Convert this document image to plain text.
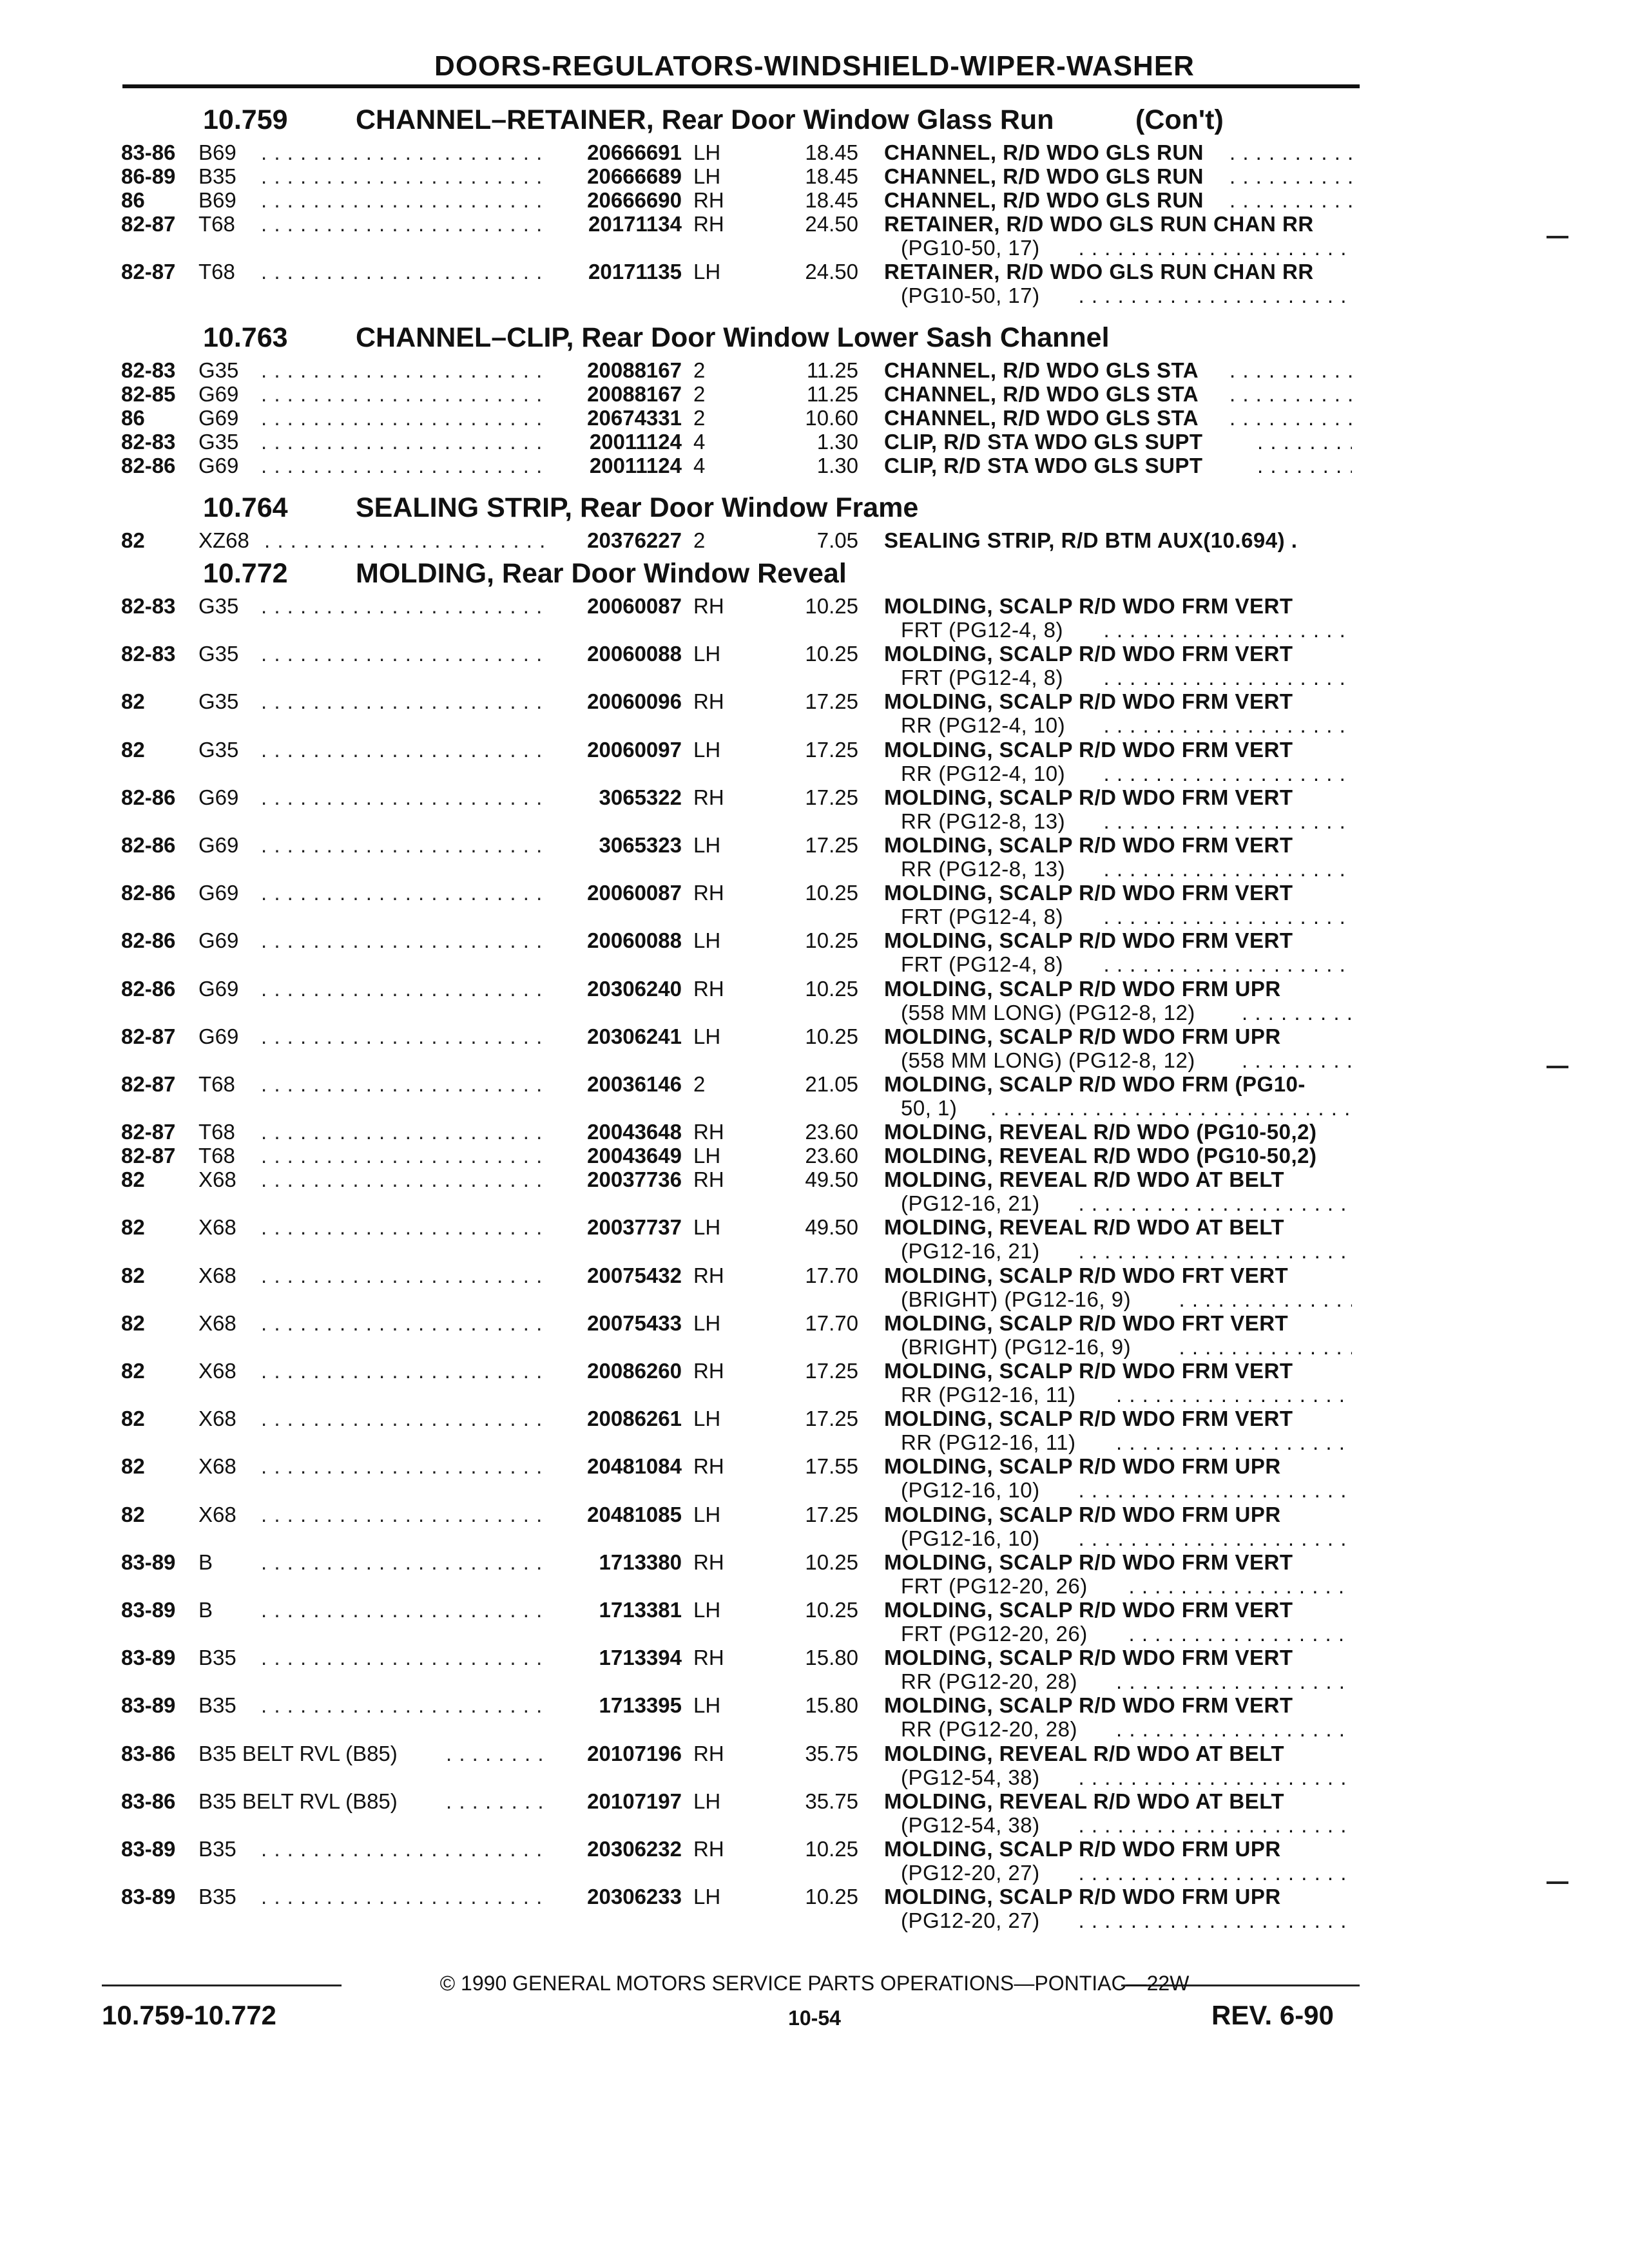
DOORS-REGULATORS-WINDSHIELD-WIPER-WASHER
10.759 CHANNEL–RETAINER, Rear Door Window Glass Run	(Con't)
83-86 B69 . . .	20666691 LH	18.45 CHANNEL, R/D WDO GLS RUN
. . .
86-89 B35 . . .	20666689 LH	18.45 CHANNEL, R/D WDO GLS RUN
. . .
86	B69 . . .	20666690 RH	18.45 CHANNEL, R/D WDO GLS RUN
. . .
82-87 T68 . . .	20171134 RH	24.50 RETAINER, R/D WDO GLS RUN CHAN RR
(PG10-50, 17)
. . .
82-87 T68 . . .	20171135 LH	24.50 RETAINER, R/D WDO GLS RUN CHAN RR
(PG10-50, 17)
. . .
10.763 CHANNEL–CLIP, Rear Door Window Lower Sash Channel
82-83 G35 . . .	20088167 2	11.25 CHANNEL, R/D WDO GLS STA
. . .
82-85 G69 . . .	20088167 2	11.25 CHANNEL, R/D WDO GLS STA
. . .
86	G69 . . .	20674331 2	10.60 CHANNEL, R/D WDO GLS STA
. . .
82-83 G35 . . .	20011124 4	1.30 CLIP, R/D STA WDO GLS SUPT
. . .
82-86 G69 . . .	20011124 4	1.30 CLIP, R/D STA WDO GLS SUPT
. . .
10.764 SEALING STRIP, Rear Door Window Frame
82	XZ68 . . .	20376227 2	7.05 SEALING STRIP, R/D BTM AUX(10.694) .
10.772 MOLDING, Rear Door Window Reveal
82-83 G35 . . .	20060087 RH	10.25 MOLDING, SCALP R/D WDO FRM VERT
FRT (PG12-4, 8)
. . .
82-83 G35 . . .	20060088 LH	10.25 MOLDING, SCALP R/D WDO FRM VERT
FRT (PG12-4, 8)
. . .
82	G35 . . .	20060096 RH	17.25 MOLDING, SCALP R/D WDO FRM VERT
RR (PG12-4, 10)
. . .
82	G35 . . .	20060097 LH	17.25 MOLDING, SCALP R/D WDO FRM VERT
RR (PG12-4, 10)
. . .
82-86 G69 . . .	3065322 RH	17.25 MOLDING, SCALP R/D WDO FRM VERT
RR (PG12-8, 13)
. . .
82-86 G69 . . .	3065323 LH	17.25 MOLDING, SCALP R/D WDO FRM VERT
RR (PG12-8, 13)
. . .
82-86 G69 . . .	20060087 RH	10.25 MOLDING, SCALP R/D WDO FRM VERT
FRT (PG12-4, 8)
. . .
82-86 G69 . . .	20060088 LH	10.25 MOLDING, SCALP R/D WDO FRM VERT
FRT (PG12-4, 8)
. . .
82-86 G69 . . .	20306240 RH	10.25 MOLDING, SCALP R/D WDO FRM UPR
(558 MM LONG) (PG12-8, 12)
. . .
82-87 G69 . . .	20306241 LH	10.25 MOLDING, SCALP R/D WDO FRM UPR
(558 MM LONG) (PG12-8, 12)
. . .
82-87 T68 . . .	20036146 2	21.05 MOLDING, SCALP R/D WDO FRM (PG10-
50, 1)
. . .
82-87 T68 . . .	20043648 RH	23.60 MOLDING, REVEAL R/D WDO (PG10-50,2)
82-87 T68 . . .	20043649 LH	23.60 MOLDING, REVEAL R/D WDO (PG10-50,2)
82	X68 . . .	20037736 RH	49.50 MOLDING, REVEAL R/D WDO AT BELT
(PG12-16, 21)
. . .
82	X68 . . .	20037737 LH	49.50 MOLDING, REVEAL R/D WDO AT BELT
(PG12-16, 21)
. . .
82	X68 . . .	20075432 RH	17.70 MOLDING, SCALP R/D WDO FRT VERT
(BRIGHT) (PG12-16, 9)
. . .
82	X68 . . .	20075433 LH	17.70 MOLDING, SCALP R/D WDO FRT VERT
(BRIGHT) (PG12-16, 9)
. . .
82	X68 . . .	20086260 RH	17.25 MOLDING, SCALP R/D WDO FRM VERT
RR (PG12-16, 11)
. . .
82	X68 . . .	20086261 LH	17.25 MOLDING, SCALP R/D WDO FRM VERT
RR (PG12-16, 11)
. . .
82	X68 . . .	20481084 RH	17.55 MOLDING, SCALP R/D WDO FRM UPR
(PG12-16, 10)
. . .
82	X68 . . .	20481085 LH	17.25 MOLDING, SCALP R/D WDO FRM UPR
(PG12-16, 10)
. . .
83-89 B . . .	1713380 RH	10.25 MOLDING, SCALP R/D WDO FRM VERT
FRT (PG12-20, 26)
. . .
83-89 B . . .	1713381 LH	10.25 MOLDING, SCALP R/D WDO FRM VERT
FRT (PG12-20, 26)
. . .
83-89 B35 . . .	1713394 RH	15.80 MOLDING, SCALP R/D WDO FRM VERT
RR (PG12-20, 28)
. . .
83-89 B35 . . .	1713395 LH	15.80 MOLDING, SCALP R/D WDO FRM VERT
RR (PG12-20, 28)
. . .
83-86 B35 BELT RVL (B85) . . .	20107196 RH	35.75 MOLDING, REVEAL R/D WDO AT BELT
(PG12-54, 38)
. . .
83-86 B35 BELT RVL (B85) . . .	20107197 LH	35.75 MOLDING, REVEAL R/D WDO AT BELT
(PG12-54, 38)
. . .
83-89 B35 . . .	20306232 RH	10.25 MOLDING, SCALP R/D WDO FRM UPR
(PG12-20, 27)
. . .
83-89 B35 . . .	20306233 LH	10.25 MOLDING, SCALP R/D WDO FRM UPR
(PG12-20, 27)
. . .
© 1990 GENERAL MOTORS SERVICE PARTS OPERATIONS—PONTIAC—22W
10.759-10.772	10-54	REV. 6-90
